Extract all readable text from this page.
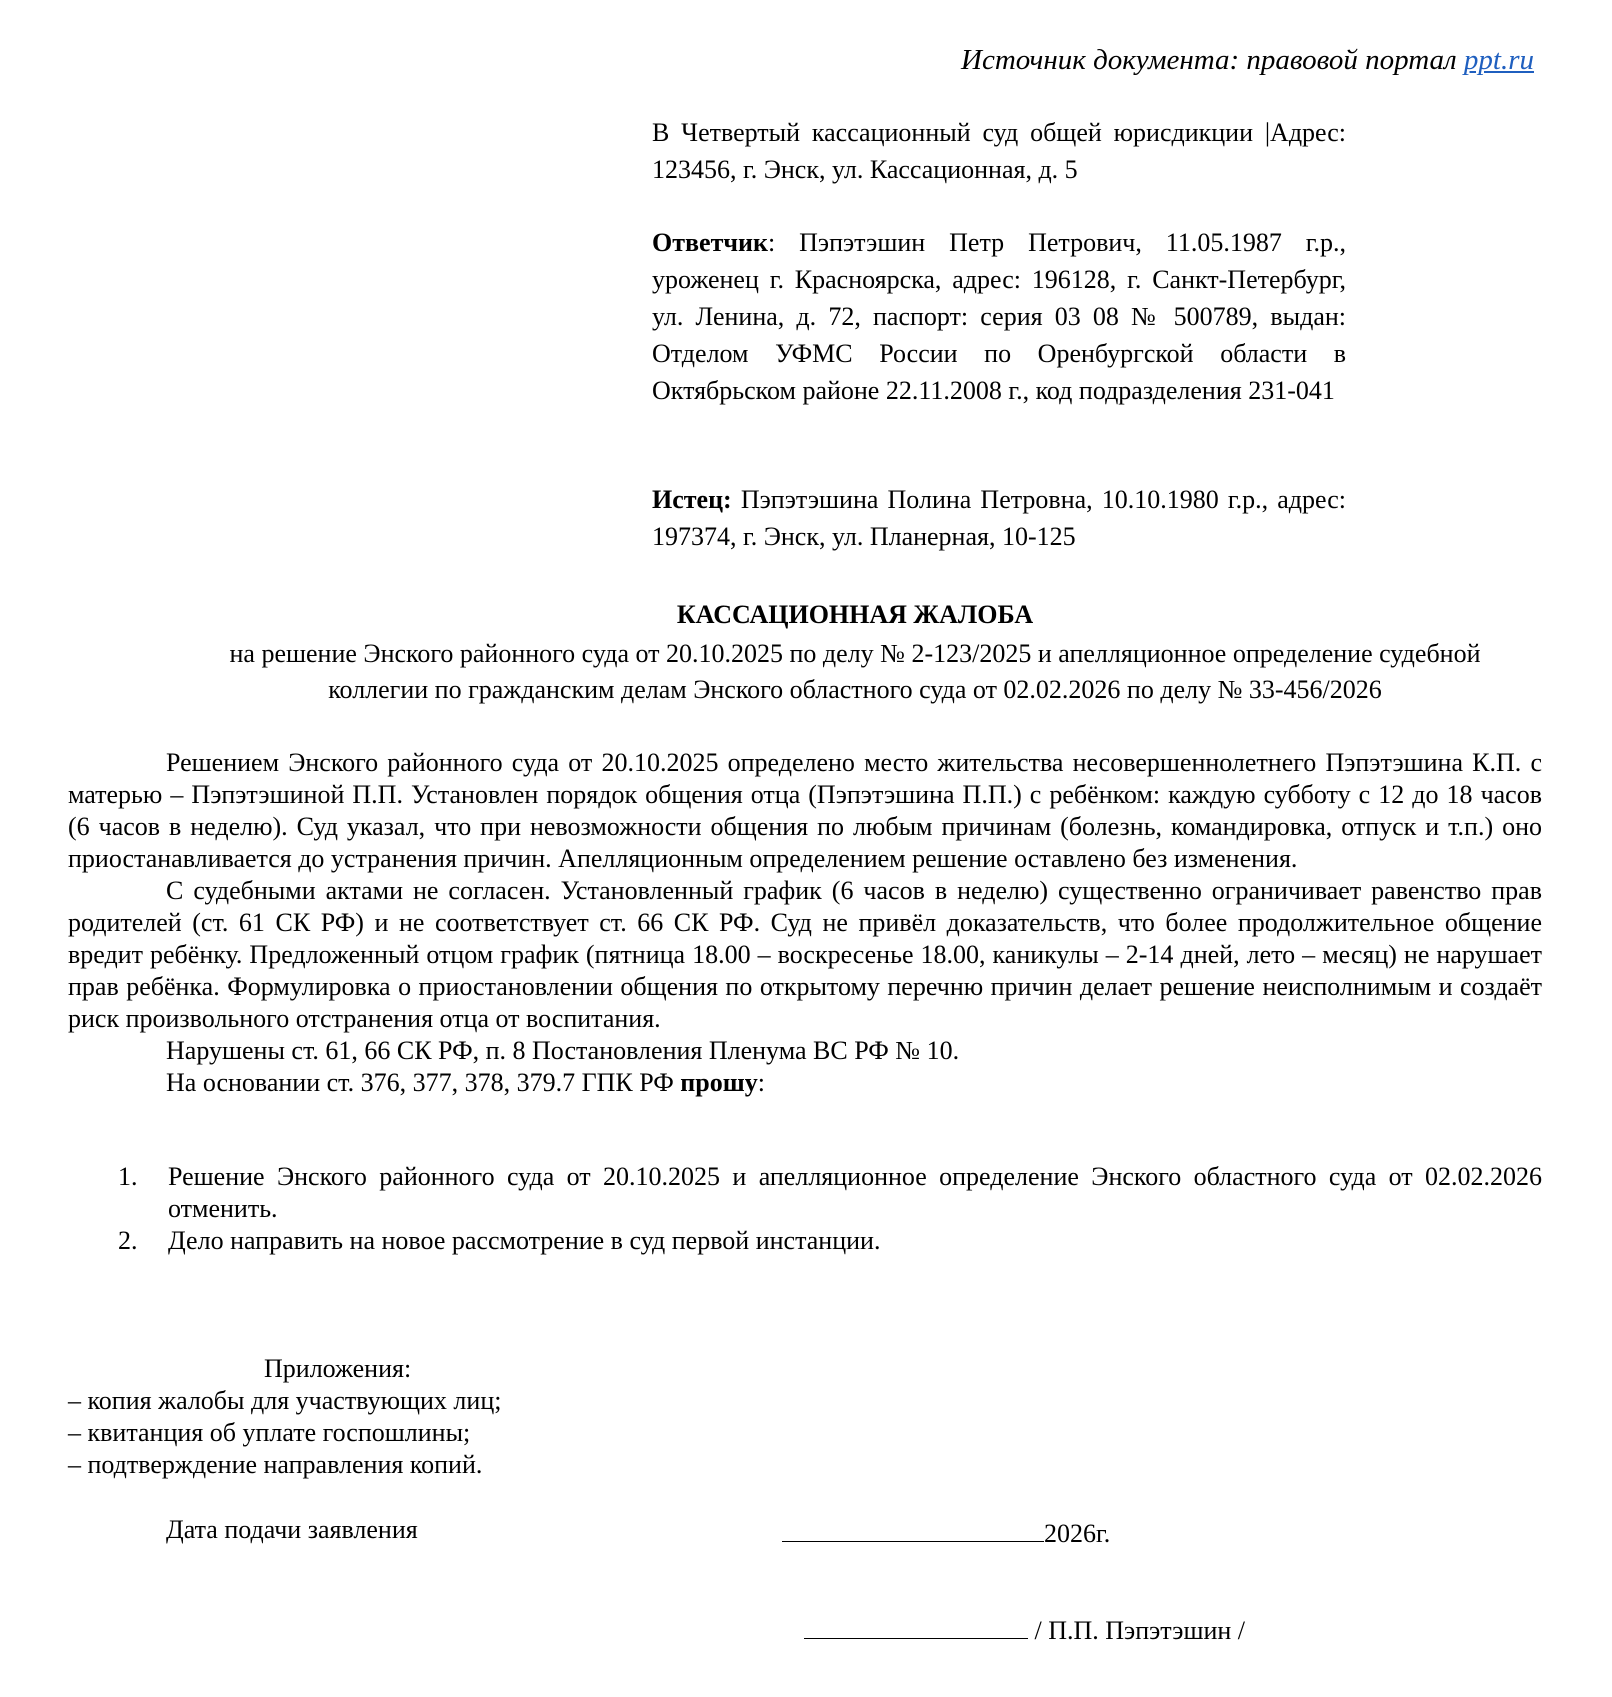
Источник документа: правовой портал ppt.ru
В Четвертый кассационный суд общей юрисдикции |Адрес: 123456, г. Энск, ул. Кассационная, д. 5
Ответчик: Пэпэтэшин Петр Петрович, 11.05.1987 г.р., уроженец г. Красноярска, адрес: 196128, г. Санкт-Петербург, ул. Ленина, д. 72, паспорт: серия 03 08 № 500789, выдан: Отделом УФМС России по Оренбургской области в Октябрьском районе 22.11.2008 г., код подразделения 231-041
Истец: Пэпэтэшина Полина Петровна, 10.10.1980 г.р., адрес: 197374, г. Энск, ул. Планерная, 10-125
КАССАЦИОННАЯ ЖАЛОБА
на решение Энского районного суда от 20.10.2025 по делу № 2-123/2025 и апелляционное определение судебной
коллегии по гражданским делам Энского областного суда от 02.02.2026 по делу № 33-456/2026

Решением Энского районного суда от 20.10.2025 определено место жительства несовершеннолетнего Пэпэтэшина К.П. с матерью – Пэпэтэшиной П.П. Установлен порядок общения отца (Пэпэтэшина П.П.) с ребёнком: каждую субботу с 12 до 18 часов (6 часов в неделю). Суд указал, что при невозможности общения по любым причинам (болезнь, командировка, отпуск и т.п.) оно приостанавливается до устранения причин. Апелляционным определением решение оставлено без изменения.

С судебными актами не согласен. Установленный график (6 часов в неделю) существенно ограничивает равенство прав родителей (ст. 61 СК РФ) и не соответствует ст. 66 СК РФ. Суд не привёл доказательств, что более продолжительное общение вредит ребёнку. Предложенный отцом график (пятница 18.00 – воскресенье 18.00, каникулы – 2-14 дней, лето – месяц) не нарушает прав ребёнка. Формулировка о приостановлении общения по открытому перечню причин делает решение неисполнимым и создаёт риск произвольного отстранения отца от воспитания.

Нарушены ст. 61, 66 СК РФ, п. 8 Постановления Пленума ВС РФ № 10.

На основании ст. 376, 377, 378, 379.7 ГПК РФ прошу:

1.	Решение Энского районного суда от 20.10.2025 и апелляционное определение Энского областного суда от 02.02.2026 отменить.
2.	Дело направить на новое рассмотрение в суд первой инстанции.
Приложения:
– копия жалобы для участвующих лиц;
– квитанция об уплате госпошлины;
– подтверждение направления копий.
Дата подачи заявления	2026г.
/ П.П. Пэпэтэшин /
